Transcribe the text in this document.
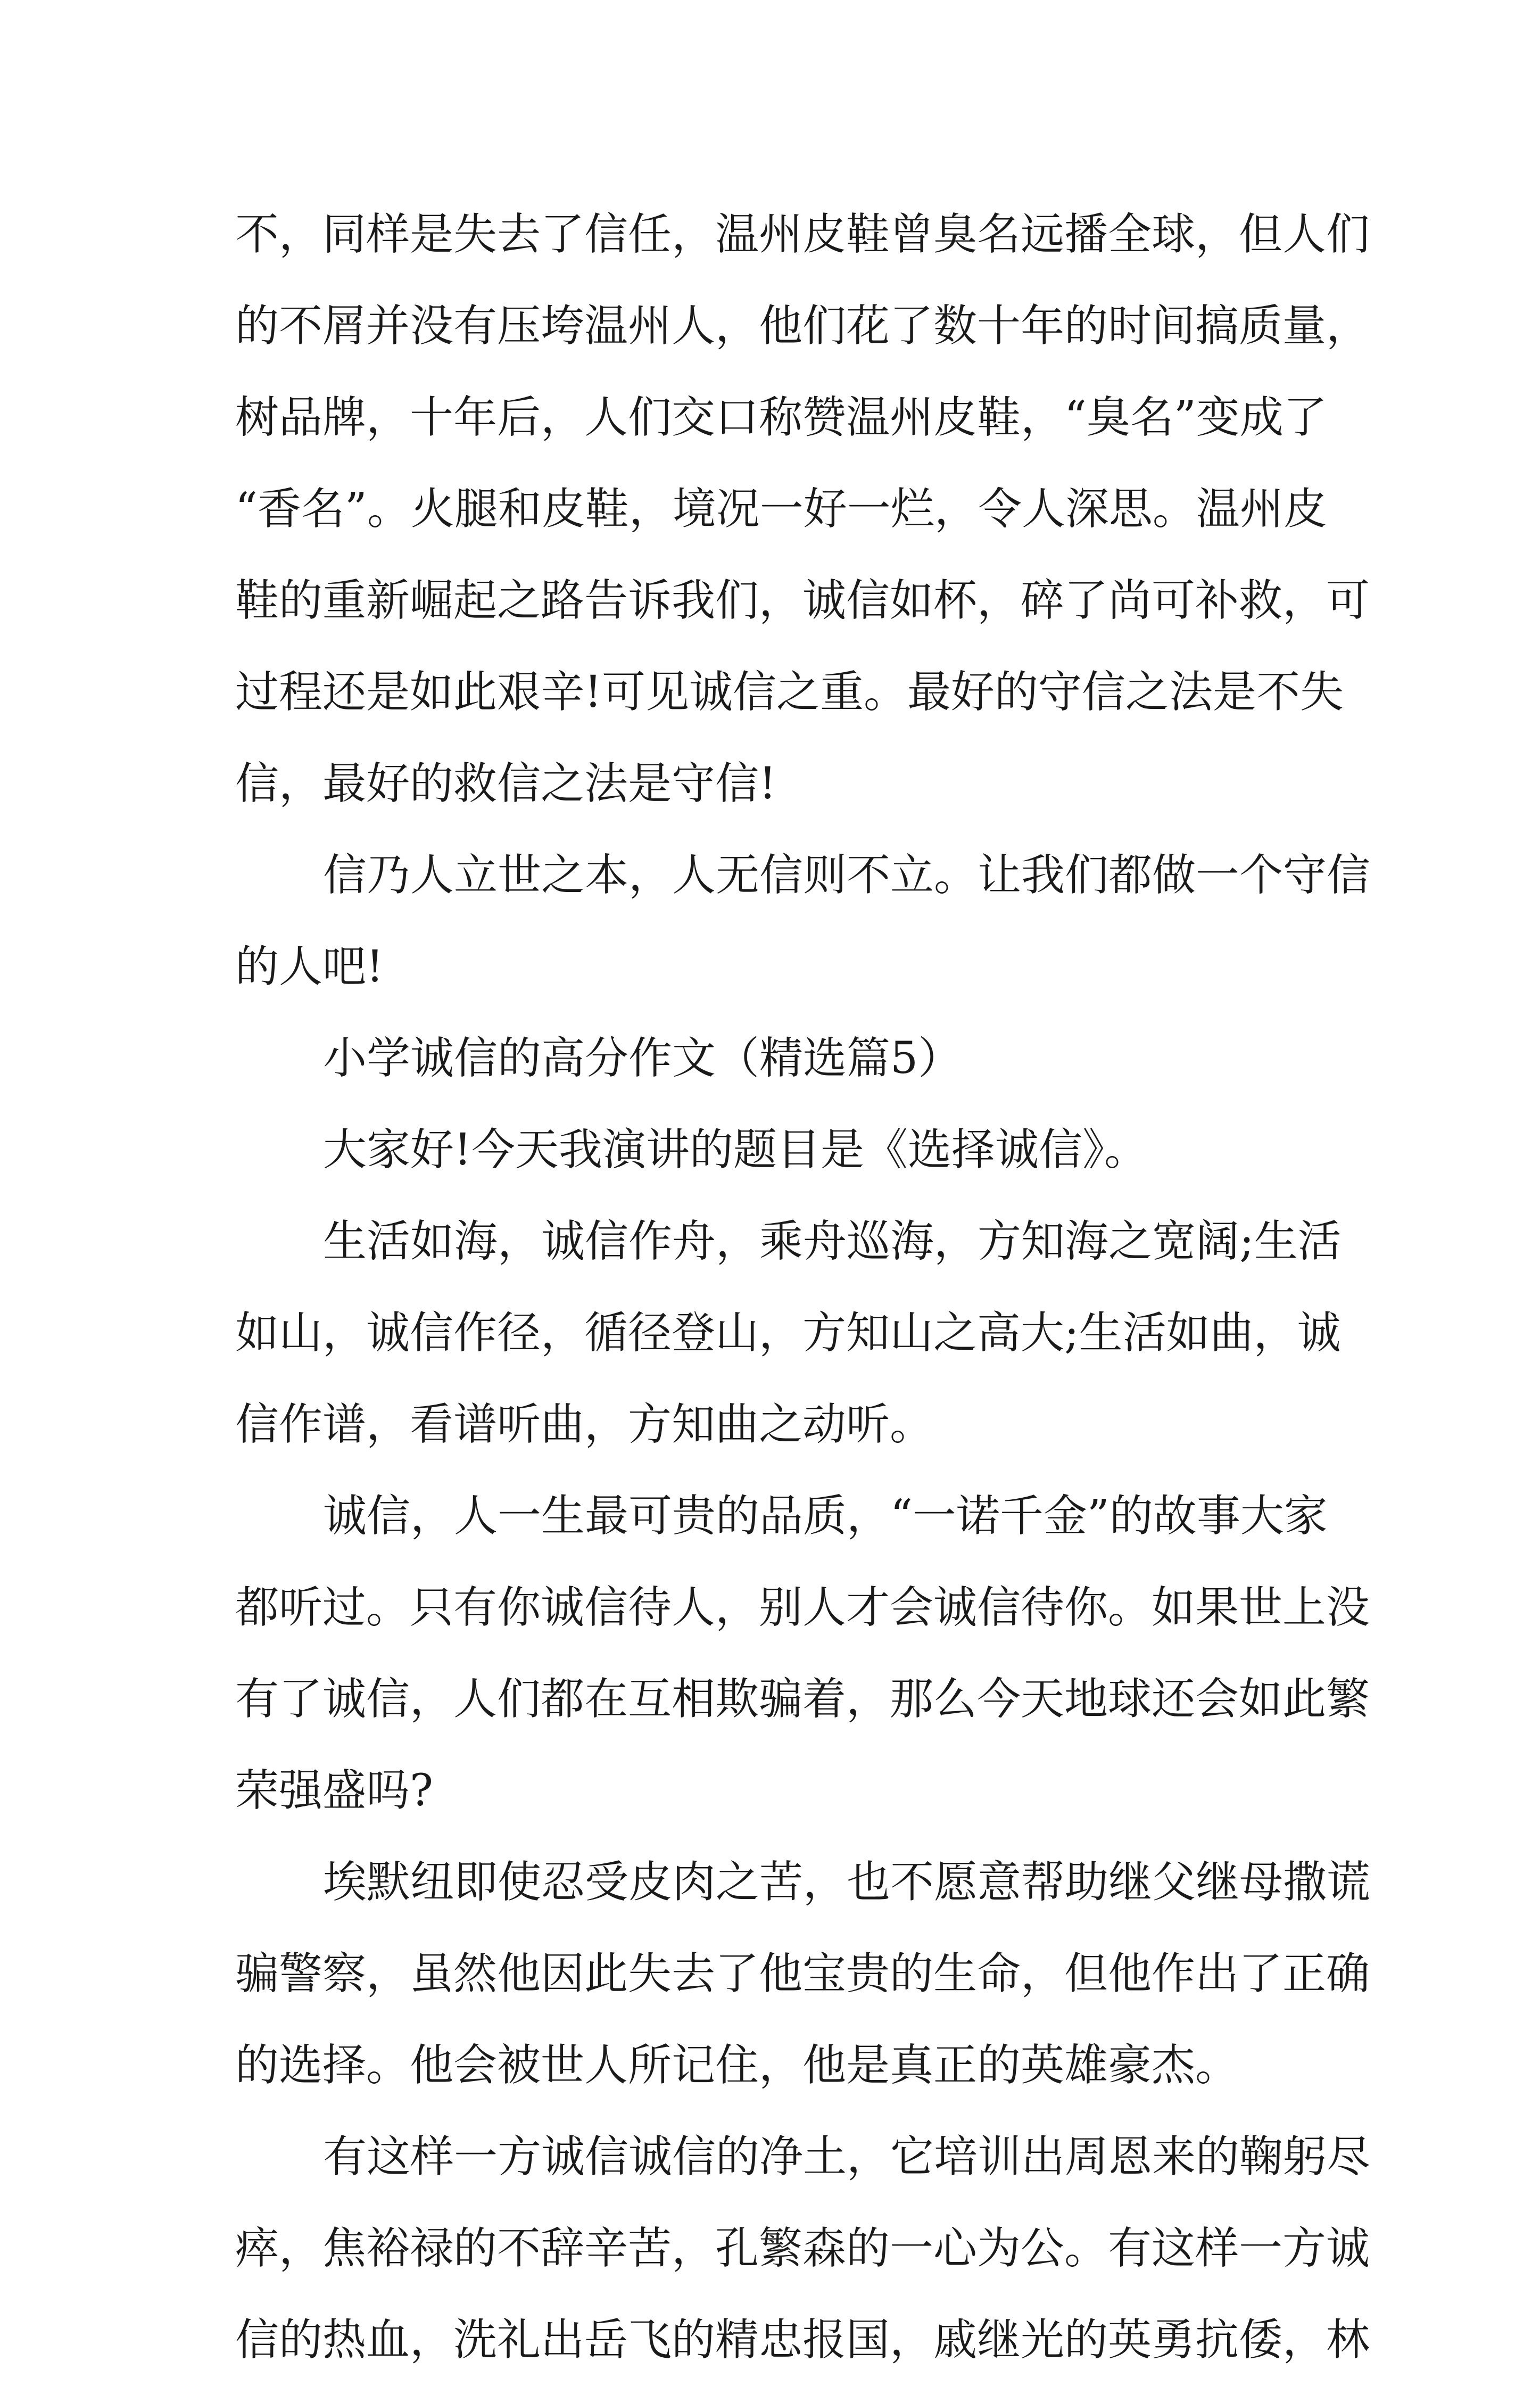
不，同样是失去了信任，温州皮鞋曾臭名远播全球，但人们
的不屑并没有压垮温州人，他们花了数十年的时间搞质量，
树品牌，十年后，人们交口称赞温州皮鞋，“臭名”变成了
“香名”。火腿和皮鞋，境况一好一烂，令人深思。温州皮
鞋的重新崛起之路告诉我们，诚信如杯，碎了尚可补救，可
过程还是如此艰辛!可见诚信之重。最好的守信之法是不失
信，最好的救信之法是守信!
信乃人立世之本，人无信则不立。让我们都做一个守信
的人吧!
小学诚信的高分作文（精选篇5）
大家好!今天我演讲的题目是《选择诚信》。
生活如海，诚信作舟，乘舟巡海，方知海之宽阔;生活
如山，诚信作径，循径登山，方知山之高大;生活如曲，诚
信作谱，看谱听曲，方知曲之动听。
诚信，人一生最可贵的品质，“一诺千金”的故事大家
都听过。只有你诚信待人，别人才会诚信待你。如果世上没
有了诚信，人们都在互相欺骗着，那么今天地球还会如此繁
荣强盛吗?
埃默纽即使忍受皮肉之苦，也不愿意帮助继父继母撒谎
骗警察，虽然他因此失去了他宝贵的生命，但他作出了正确
的选择。他会被世人所记住，他是真正的英雄豪杰。
有这样一方诚信诚信的净土，它培训出周恩来的鞠躬尽
瘁，焦裕禄的不辞辛苦，孔繁森的一心为公。有这样一方诚
信的热血，洗礼出岳飞的精忠报国，戚继光的英勇抗倭，林
